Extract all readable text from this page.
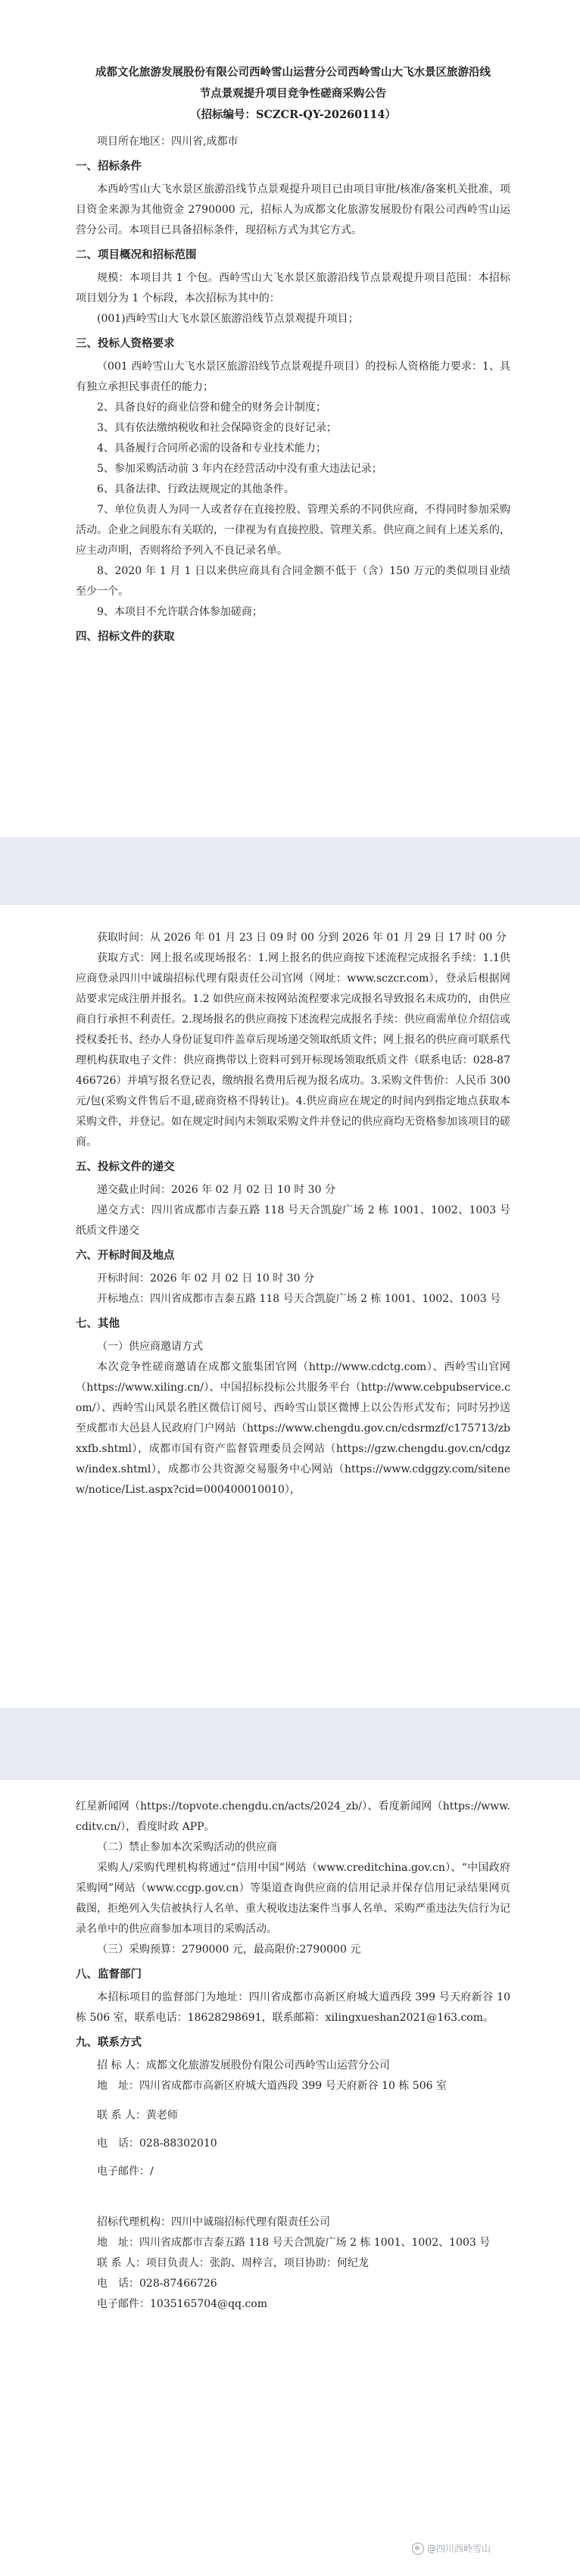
成都文化旅游发展股份有限公司西岭雪山运营分公司西岭雪山大飞水景区旅游沿线节点景观提升项目竞争性磋商采购公告
（招标编号：SCZCR-QY-20260114）

项目所在地区：四川省,成都市

一、招标条件

本西岭雪山大飞水景区旅游沿线节点景观提升项目已由项目审批/核准/备案机关批准，项目资金来源为其他资金 2790000 元，招标人为成都文化旅游发展股份有限公司西岭雪山运营分公司。本项目已具备招标条件，现招标方式为其它方式。

二、项目概况和招标范围

规模：本项目共 1 个包。西岭雪山大飞水景区旅游沿线节点景观提升项目范围：本招标项目划分为 1 个标段，本次招标为其中的：

(001)西岭雪山大飞水景区旅游沿线节点景观提升项目；

三、投标人资格要求

（001 西岭雪山大飞水景区旅游沿线节点景观提升项目）的投标人资格能力要求：1、具有独立承担民事责任的能力；

2、具备良好的商业信誉和健全的财务会计制度；

3、具有依法缴纳税收和社会保障资金的良好记录；

4、具备履行合同所必需的设备和专业技术能力；

5、参加采购活动前 3 年内在经营活动中没有重大违法记录；

6、具备法律、行政法规规定的其他条件。

7、单位负责人为同一人或者存在直接控股、管理关系的不同供应商，不得同时参加采购活动。企业之间股东有关联的，一律视为有直接控股、管理关系。供应商之间有上述关系的，应主动声明，否则将给予列入不良记录名单。

8、2020 年 1 月 1 日以来供应商具有合同金额不低于（含）150 万元的类似项目业绩至少一个。

9、本项目不允许联合体参加磋商；

四、招标文件的获取

获取时间：从 2026 年 01 月 23 日 09 时 00 分到 2026 年 01 月 29 日 17 时 00 分

获取方式：网上报名或现场报名：1.网上报名的供应商按下述流程完成报名手续：1.1供应商登录四川中诚瑞招标代理有限责任公司官网（网址：www.sczcr.com），登录后根据网站要求完成注册并报名。1.2 如供应商未按网站流程要求完成报名导致报名未成功的，由供应商自行承担不利责任。2.现场报名的供应商按下述流程完成报名手续：供应商需单位介绍信或授权委托书、经办人身份证复印件盖章后现场递交领取纸质文件；网上报名的供应商可联系代理机构获取电子文件：供应商携带以上资料可到开标现场领取纸质文件（联系电话：028-87466726）并填写报名登记表，缴纳报名费用后视为报名成功。3.采购文件售价：人民币 300元/包(采购文件售后不退,磋商资格不得转让)。4.供应商应在规定的时间内到指定地点获取本采购文件，并登记。如在规定时间内未领取采购文件并登记的供应商均无资格参加该项目的磋商。

五、投标文件的递交

递交截止时间：2026 年 02 月 02 日 10 时 30 分

递交方式：四川省成都市吉泰五路 118 号天合凯旋广场 2 栋 1001、1002、1003 号纸质文件递交

六、开标时间及地点

开标时间：2026 年 02 月 02 日 10 时 30 分

开标地点：四川省成都市吉泰五路 118 号天合凯旋广场 2 栋 1001、1002、1003 号

七、其他

（一）供应商邀请方式

本次竞争性磋商邀请在成都文旅集团官网（http://www.cdctg.com）、西岭雪山官网（https://www.xiling.cn/）、中国招标投标公共服务平台（http://www.cebpubservice.com/）、西岭雪山风景名胜区微信订阅号、西岭雪山景区微博上以公告形式发布；同时另抄送至成都市大邑县人民政府门户网站（https://www.chengdu.gov.cn/cdsrmzf/c175713/zbxxfb.shtml），成都市国有资产监督管理委员会网站（https://gzw.chengdu.gov.cn/cdgzw/index.shtml），成都市公共资源交易服务中心网站（https://www.cdggzy.com/sitenew/notice/List.aspx?cid=000400010010），

红星新闻网（https://topvote.chengdu.cn/acts/2024_zb/）、看度新闻网（https://www.cditv.cn/），看度时政 APP。

（二）禁止参加本次采购活动的供应商

采购人/采购代理机构将通过“信用中国”网站（www.creditchina.gov.cn）、“中国政府采购网”网站（www.ccgp.gov.cn）等渠道查询供应商的信用记录并保存信用记录结果网页截图，拒绝列入失信被执行人名单、重大税收违法案件当事人名单、采购严重违法失信行为记录名单中的供应商参加本项目的采购活动。

（三）采购预算：2790000 元，最高限价:2790000 元

八、监督部门

本招标项目的监督部门为地址：四川省成都市高新区府城大道西段 399 号天府新谷 10栋 506 室，联系电话：18628298691，联系邮箱：xilingxueshan2021@163.com。

九、联系方式

招 标 人：成都文化旅游发展股份有限公司西岭雪山运营分公司

地　址：四川省成都市高新区府城大道西段 399 号天府新谷 10 栋 506 室

联 系 人：黄老师

电　话：028-88302010

电子邮件：/

招标代理机构：四川中诚瑞招标代理有限责任公司

地　址：四川省成都市吉泰五路 118 号天合凯旋广场 2 栋 1001、1002、1003 号

联 系 人：项目负责人：张韵、周梓言，项目协助：何纪龙

电　话：028-87466726

电子邮件：1035165704@qq.com

@四川西岭雪山
